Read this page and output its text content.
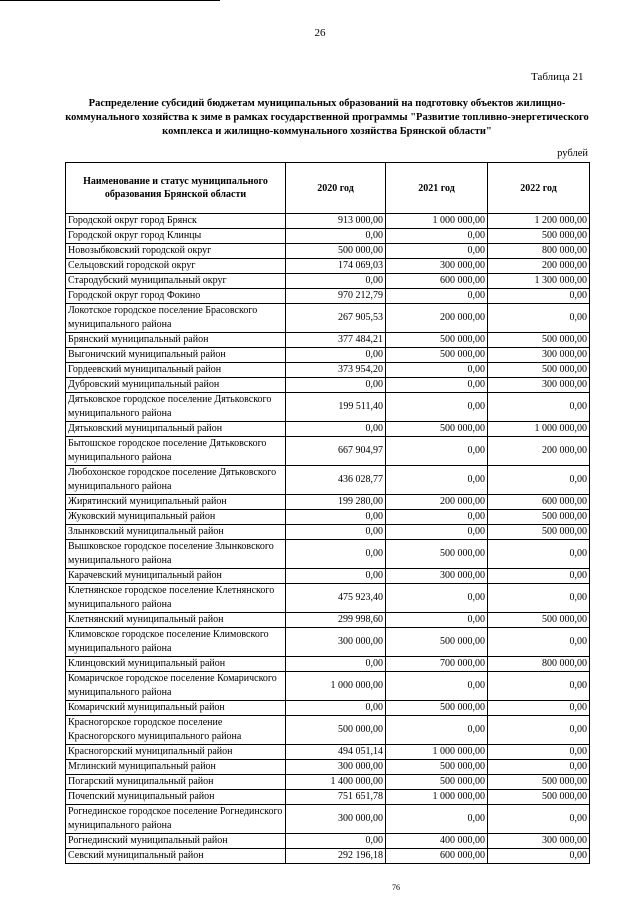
26
Таблица 21
Распределение субсидий бюджетам муниципальных образований на подготовку объектов жилищно-коммунального хозяйства к зиме в рамках государственной программы "Развитие топливно-энергетического комплекса и жилищно-коммунального хозяйства Брянской области"
рублей
Наименование и статус муниципального образования Брянской области	2020 год	2021 год	2022 год
Городской округ город Брянск	913 000,00	1 000 000,00	1 200 000,00
Городской округ город Клинцы	0,00	0,00	500 000,00
Новозыбковский городской округ	500 000,00	0,00	800 000,00
Сельцовский городской округ	174 069,03	300 000,00	200 000,00
Стародубский муниципальный округ	0,00	600 000,00	1 300 000,00
Городской округ город Фокино	970 212,79	0,00	0,00
Локотское городское поселение Брасовского муниципального района	267 905,53	200 000,00	0,00
Брянский муниципальный район	377 484,21	500 000,00	500 000,00
Выгоничский муниципальный район	0,00	500 000,00	300 000,00
Гордеевский муниципальный район	373 954,20	0,00	500 000,00
Дубровский муниципальный район	0,00	0,00	300 000,00
Дятьковское городское поселение Дятьковского муниципального района	199 511,40	0,00	0,00
Дятьковский муниципальный район	0,00	500 000,00	1 000 000,00
Бытошское городское поселение Дятьковского муниципального района	667 904,97	0,00	200 000,00
Любохонское городское поселение Дятьковского муниципального района	436 028,77	0,00	0,00
Жирятинский муниципальный район	199 280,00	200 000,00	600 000,00
Жуковский муниципальный район	0,00	0,00	500 000,00
Злынковский муниципальный район	0,00	0,00	500 000,00
Вышковское городское поселение Злынковского муниципального района	0,00	500 000,00	0,00
Карачевский муниципальный район	0,00	300 000,00	0,00
Клетнянское городское поселение Клетнянского муниципального района	475 923,40	0,00	0,00
Клетнянский муниципальный район	299 998,60	0,00	500 000,00
Климовское городское поселение Климовского муниципального района	300 000,00	500 000,00	0,00
Клинцовский муниципальный район	0,00	700 000,00	800 000,00
Комаричское городское поселение Комаричского муниципального района	1 000 000,00	0,00	0,00
Комаричский муниципальный район	0,00	500 000,00	0,00
Красногорское городское поселение Красногорского муниципального района	500 000,00	0,00	0,00
Красногорский муниципальный район	494 051,14	1 000 000,00	0,00
Мглинский муниципальный район	300 000,00	500 000,00	0,00
Погарский муниципальный район	1 400 000,00	500 000,00	500 000,00
Почепский муниципальный район	751 651,78	1 000 000,00	500 000,00
Рогнединское городское поселение Рогнединского муниципального района	300 000,00	0,00	0,00
Рогнединский муниципальный район	0,00	400 000,00	300 000,00
Севский муниципальный район	292 196,18	600 000,00	0,00
76
